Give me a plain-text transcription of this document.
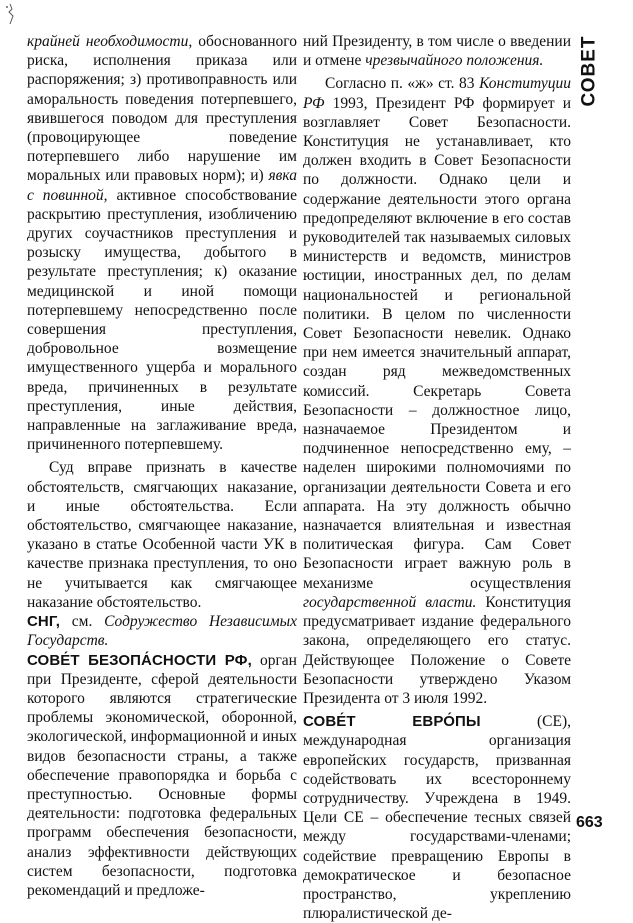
крайней необходимости, обоснованного риска, исполнения приказа или распоряжения; з) противоправность или аморальность поведения потерпевшего, явившегося поводом для преступления (провоцирующее поведение потерпевшего либо нарушение им моральных или правовых норм); и) явка с повинной, активное способствование раскрытию преступления, изобличению других соучастников преступления и розыску имущества, добытого в результате преступления; к) оказание медицинской и иной помощи потерпевшему непосредственно после совершения преступления, добровольное возмещение имущественного ущерба и морального вреда, причиненных в результате преступления, иные действия, направленные на заглаживание вреда, причиненного потерпевшему.

Суд вправе признать в качестве обстоятельств, смягчающих наказание, и иные обстоятельства. Если обстоятельство, смягчающее наказание, указано в статье Особенной части УК в качестве признака преступления, то оно не учитывается как смягчающее наказание обстоятельство.

СНГ, см. Содружество Независимых Государств.

СОВЕ́Т БЕЗОПА́СНОСТИ РФ, орган при Президенте, сферой деятельности которого являются стратегические проблемы экономической, оборонной, экологической, информационной и иных видов безопасности страны, а также обеспечение правопорядка и борьба с преступностью. Основные формы деятельности: подготовка федеральных программ обеспечения безопасности, анализ эффективности действующих систем безопасности, подготовка рекомендаций и предложе-

ний Президенту, в том числе о введении и отмене чрезвычайного положения.

Согласно п. «ж» ст. 83 Конституции РФ 1993, Президент РФ формирует и возглавляет Совет Безопасности. Конституция не устанавливает, кто должен входить в Совет Безопасности по должности. Однако цели и содержание деятельности этого органа предопределяют включение в его состав руководителей так называемых силовых министерств и ведомств, министров юстиции, иностранных дел, по делам национальностей и региональной политики. В целом по численности Совет Безопасности невелик. Однако при нем имеется значительный аппарат, создан ряд межведомственных комиссий. Секретарь Совета Безопасности – должностное лицо, назначаемое Президентом и подчиненное непосредственно ему, – наделен широкими полномочиями по организации деятельности Совета и его аппарата. На эту должность обычно назначается влиятельная и известная политическая фигура. Сам Совет Безопасности играет важную роль в механизме осуществления государственной власти. Конституция предусматривает издание федерального закона, определяющего его статус. Действующее Положение о Совете Безопасности утверждено Указом Президента от 3 июля 1992.

СОВЕ́Т ЕВРО́ПЫ (СЕ), международная организация европейских государств, призванная содействовать их всестороннему сотрудничеству. Учреждена в 1949. Цели СЕ – обеспечение тесных связей между государствами-членами; содействие превращению Европы в демократическое и безопасное пространство, укреплению плюралистической де-

СОВЕТ
663
